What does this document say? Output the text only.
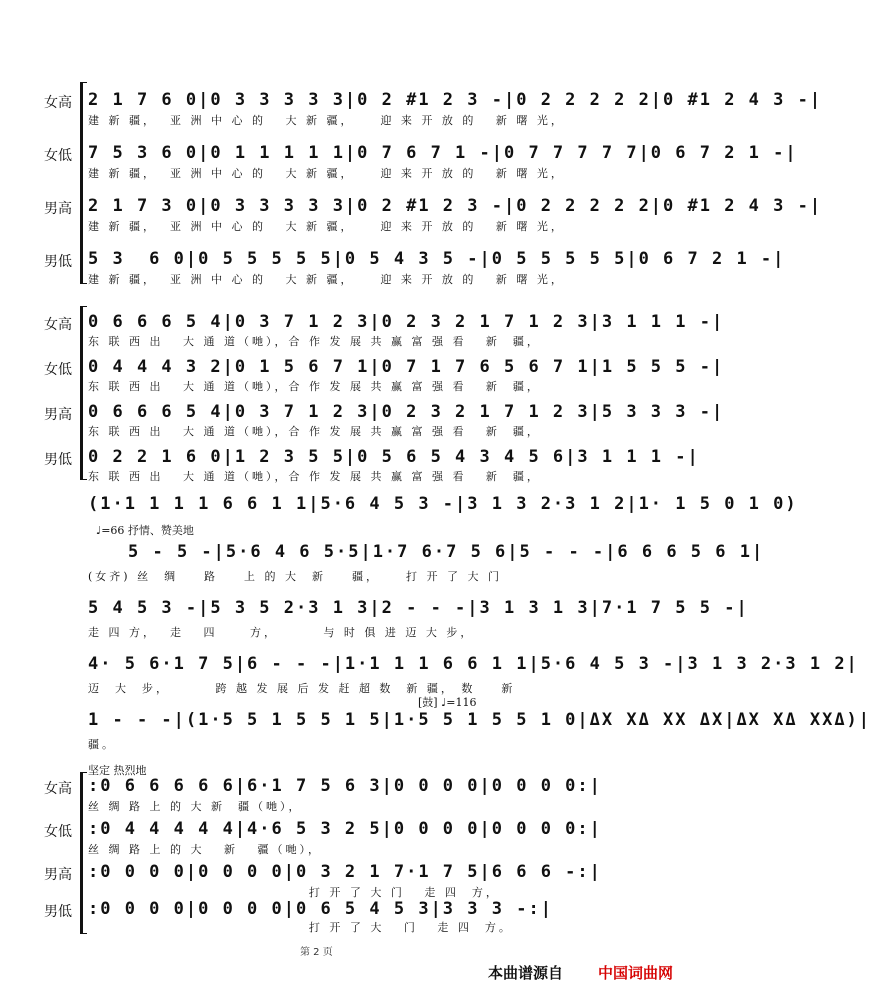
女高 2 1 7 6 0|0 3 3 3 3 3|0 2 #1 2 3 -|0 2 2 2 2 2|0 #1 2 4 3 -|
建 新 疆，  亚 洲 中 心 的   大 新 疆，    迎 来 开 放 的   新 曙 光，
女低 7 5 3 6 0|0 1 1 1 1 1|0 7 6 7 1 -|0 7 7 7 7 7|0 6 7 2 1 -|
建 新 疆，  亚 洲 中 心 的   大 新 疆，    迎 来 开 放 的   新 曙 光，
男高 2 1 7 3 0|0 3 3 3 3 3|0 2 #1 2 3 -|0 2 2 2 2 2|0 #1 2 4 3 -|
建 新 疆，  亚 洲 中 心 的   大 新 疆，    迎 来 开 放 的   新 曙 光，
男低 5 3  6 0|0 5 5 5 5 5|0 5 4 3 5 -|0 5 5 5 5 5|0 6 7 2 1 -|
建 新 疆，  亚 洲 中 心 的   大 新 疆，    迎 来 开 放 的   新 曙 光，
女高 0 6 6 6 5 4|0 3 7 1 2 3|0 2 3 2 1 7 1 2 3|3 1 1 1 -|
东 联 西 出   大 通 道（哋），合 作 发 展 共 赢 富 强 看   新  疆，
女低 0 4 4 4 3 2|0 1 5 6 7 1|0 7 1 7 6 5 6 7 1|1 5 5 5 -|
东 联 西 出   大 通 道（哋），合 作 发 展 共 赢 富 强 看   新  疆，
男高 0 6 6 6 5 4|0 3 7 1 2 3|0 2 3 2 1 7 1 2 3|5 3 3 3 -|
东 联 西 出   大 通 道（哋），合 作 发 展 共 赢 富 强 看   新  疆，
男低 0 2 2 1 6 0|1 2 3 5 5|0 5 6 5 4 3 4 5 6|3 1 1 1 -|
东 联 西 出   大 通 道（哋），合 作 发 展 共 赢 富 强 看   新  疆，
(1·1 1 1 1 6 6 1 1|5·6 4 5 3 -|3 1 3 2·3 1 2|1· 1 5 0 1 0)
♩=66 抒情、赞美地
5 - 5 -|5·6 4 6 5·5|1·7 6·7 5 6|5 - - -|6 6 6 5 6 1|
(女齐) 丝  绸    路    上 的 大  新    疆，    打 开 了 大 门
5 4 5 3 -|5 3 5 2·3 1 3|2 - - -|3 1 3 1 3|7·1 7 5 5 -|
走 四 方，  走   四     方，       与 时 俱 进 迈 大 步，
4· 5 6·1 7 5|6 - - -|1·1 1 1 6 6 1 1|5·6 4 5 3 -|3 1 3 2·3 1 2|
迈  大  步，       跨 越 发 展 后 发 赶 超 数  新 疆， 数    新
[鼓] ♩=116
1 - - -|(1·5 5 1 5 5 1 5|1·5 5 1 5 5 1 0|ΔX XΔ XX ΔX|ΔX XΔ XXΔ)|
疆。
坚定 热烈地
女高 :0 6 6 6 6 6|6·1 7 5 6 3|0 0 0 0|0 0 0 0:|
丝 绸 路 上 的 大 新  疆（哋），
女低 :0 4 4 4 4 4|4·6 5 3 2 5|0 0 0 0|0 0 0 0:|
丝 绸 路 上 的 大   新   疆（哋），
男高 :0 0 0 0|0 0 0 0|0 3 2 1 7·1 7 5|6 6 6 -:|
打 开 了 大 门   走 四  方，
男低 :0 0 0 0|0 0 0 0|0 6 5 4 5 3|3 3 3 -:|
打 开 了 大   门   走 四  方。
第 2 页
本曲谱源自 中国词曲网
